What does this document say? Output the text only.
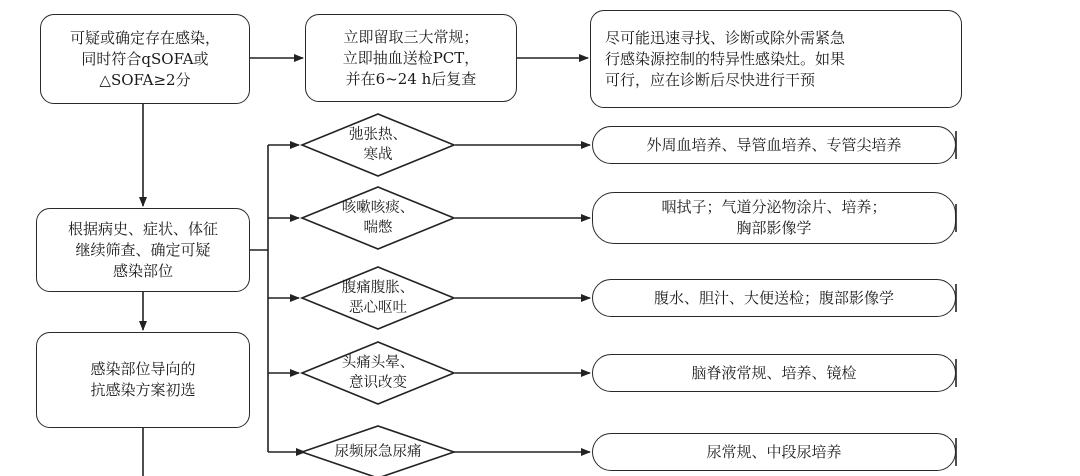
可疑或确定存在感染，
同时符合qSOFA或
△SOFA≥2分
立即留取三大常规；
立即抽血送检PCT，
并在6~24 h后复查
尽可能迅速寻找、诊断或除外需紧急
行感染源控制的特异性感染灶。如果
可行，应在诊断后尽快进行干预
根据病史、症状、体征
继续筛查、确定可疑
感染部位
感染部位导向的
抗感染方案初选
弛张热、
寒战
咳嗽咳痰、
喘憋
腹痛腹胀、
恶心呕吐
头痛头晕、
意识改变
尿频尿急尿痛
外周血培养、导管血培养、专管尖培养
咽拭子；气道分泌物涂片、培养；
胸部影像学
腹水、胆汁、大便送检；腹部影像学
脑脊液常规、培养、镜检
尿常规、中段尿培养
